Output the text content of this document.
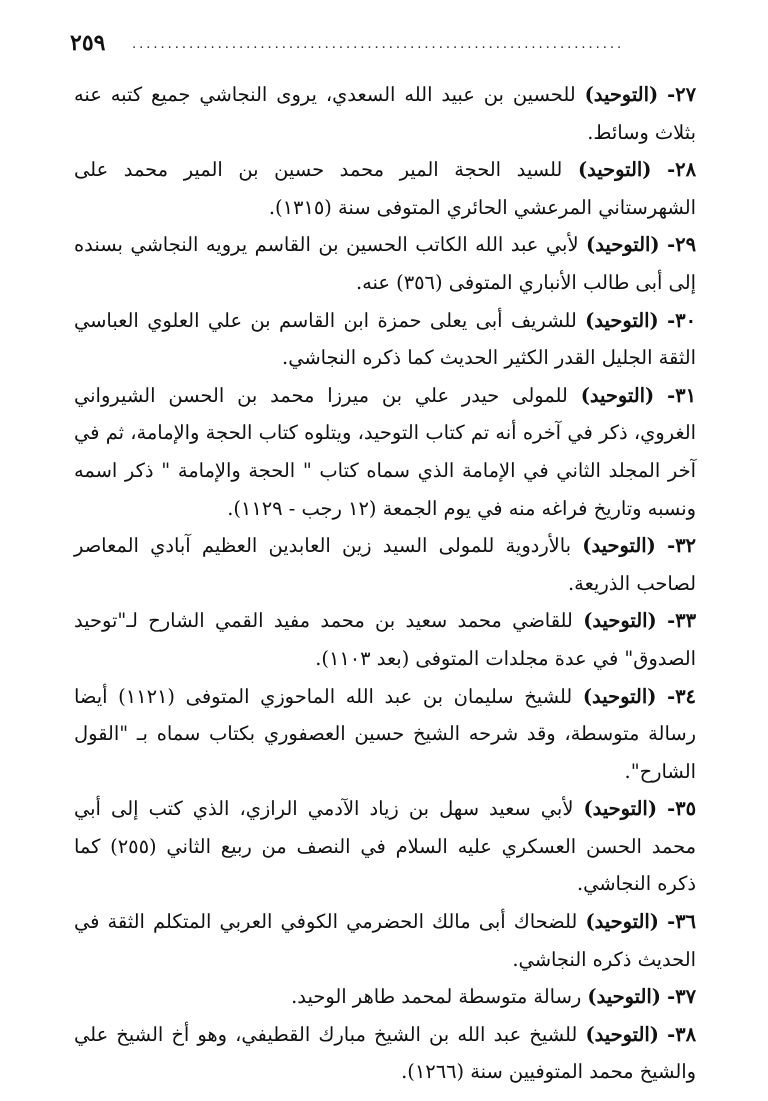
٢٥٩ .....................................................................

٢٧- (التوحيد) للحسين بن عبيد الله السعدي، يروى النجاشي جميع كتبه عنه بثلاث وسائط.

٢٨- (التوحيد) للسيد الحجة المير محمد حسين بن المير محمد على الشهرستاني المرعشي الحائري المتوفى سنة (١٣١٥).

٢٩- (التوحيد) لأبي عبد الله الكاتب الحسين بن القاسم يرويه النجاشي بسنده إلى أبى طالب الأنباري المتوفى (٣٥٦) عنه.

٣٠- (التوحيد) للشريف أبى يعلى حمزة ابن القاسم بن علي العلوي العباسي الثقة الجليل القدر الكثير الحديث كما ذكره النجاشي.

٣١- (التوحيد) للمولى حيدر علي بن ميرزا محمد بن الحسن الشيرواني الغروي، ذكر في آخره أنه تم كتاب التوحيد، ويتلوه كتاب الحجة والإمامة، ثم في آخر المجلد الثاني في الإمامة الذي سماه كتاب " الحجة والإمامة " ذكر اسمه ونسبه وتاريخ فراغه منه في يوم الجمعة (١٢ رجب - ١١٢٩).

٣٢- (التوحيد) بالأردوية للمولى السيد زين العابدين العظيم آبادي المعاصر لصاحب الذريعة.

٣٣- (التوحيد) للقاضي محمد سعيد بن محمد مفيد القمي الشارح لـ"توحيد الصدوق" في عدة مجلدات المتوفى (بعد ١١٠٣).

٣٤- (التوحيد) للشيخ سليمان بن عبد الله الماحوزي المتوفى (١١٢١) أيضا رسالة متوسطة، وقد شرحه الشيخ حسين العصفوري بكتاب سماه بـ "القول الشارح".

٣٥- (التوحيد) لأبي سعيد سهل بن زياد الآدمي الرازي، الذي كتب إلى أبي محمد الحسن العسكري عليه السلام في النصف من ربيع الثاني (٢٥٥) كما ذكره النجاشي.

٣٦- (التوحيد) للضحاك أبى مالك الحضرمي الكوفي العربي المتكلم الثقة في الحديث ذكره النجاشي.

٣٧- (التوحيد) رسالة متوسطة لمحمد طاهر الوحيد.

٣٨- (التوحيد) للشيخ عبد الله بن الشيخ مبارك القطيفي، وهو أخ الشيخ علي والشيخ محمد المتوفيين سنة (١٢٦٦).
